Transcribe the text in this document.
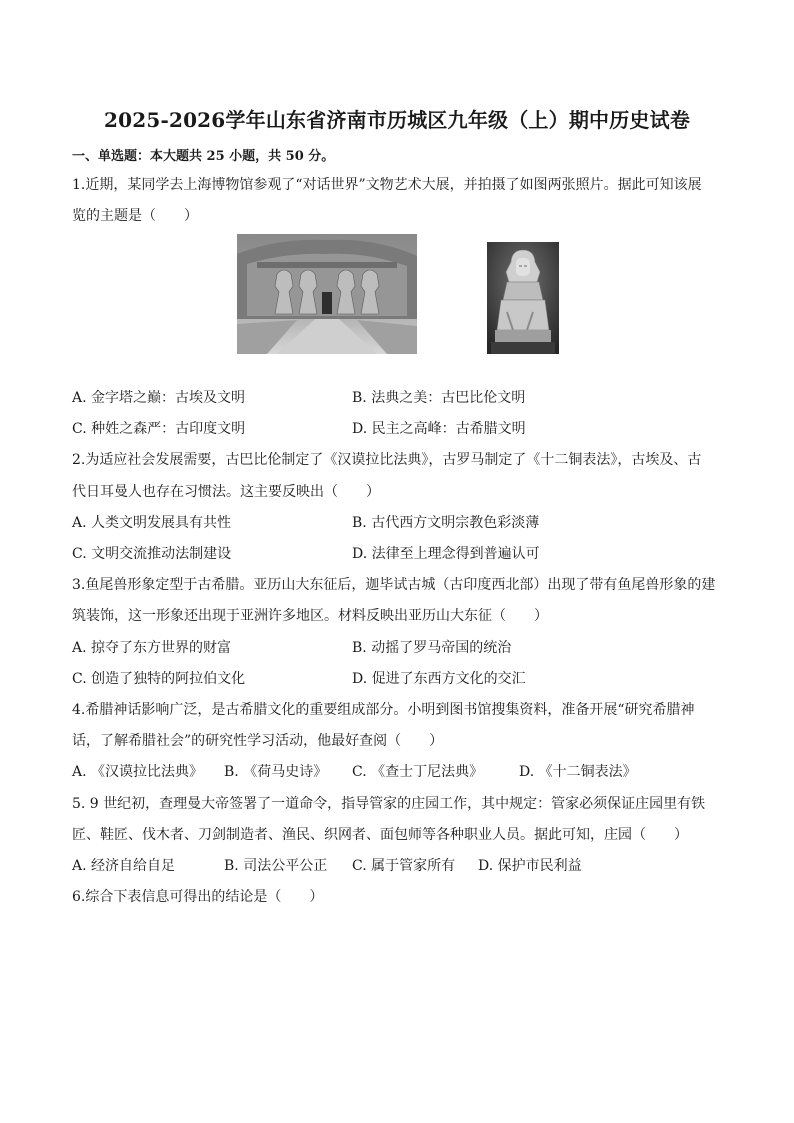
2025-2026学年山东省济南市历城区九年级（上）期中历史试卷
一、单选题：本大题共 25 小题，共 50 分。
1.近期，某同学去上海博物馆参观了“对话世界”文物艺术大展，并拍摄了如图两张照片。据此可知该展
览的主题是（　　）
A. 金字塔之巅：古埃及文明	B. 法典之美：古巴比伦文明
C. 种姓之森严：古印度文明	D. 民主之高峰：古希腊文明
2.为适应社会发展需要，古巴比伦制定了《汉谟拉比法典》，古罗马制定了《十二铜表法》，古埃及、古
代日耳曼人也存在习惯法。这主要反映出（　　）
A. 人类文明发展具有共性	B. 古代西方文明宗教色彩淡薄
C. 文明交流推动法制建设	D. 法律至上理念得到普遍认可
3.鱼尾兽形象定型于古希腊。亚历山大东征后，迦毕试古城（古印度西北部）出现了带有鱼尾兽形象的建
筑装饰，这一形象还出现于亚洲许多地区。材料反映出亚历山大东征（　　）
A. 掠夺了东方世界的财富	B. 动摇了罗马帝国的统治
C. 创造了独特的阿拉伯文化	D. 促进了东西方文化的交汇
4.希腊神话影响广泛，是古希腊文化的重要组成部分。小明到图书馆搜集资料，准备开展“研究希腊神
话，了解希腊社会”的研究性学习活动，他最好查阅（　　）
A. 《汉谟拉比法典》 B. 《荷马史诗》 C. 《查士丁尼法典》	D. 《十二铜表法》
5. 9 世纪初，查理曼大帝签署了一道命令，指导管家的庄园工作，其中规定：管家必须保证庄园里有铁
匠、鞋匠、伐木者、刀剑制造者、渔民、织网者、面包师等各种职业人员。据此可知，庄园（　　）
A. 经济自给自足	B. 司法公平公正 C. 属于管家所有 D. 保护市民利益
6.综合下表信息可得出的结论是（　　）
